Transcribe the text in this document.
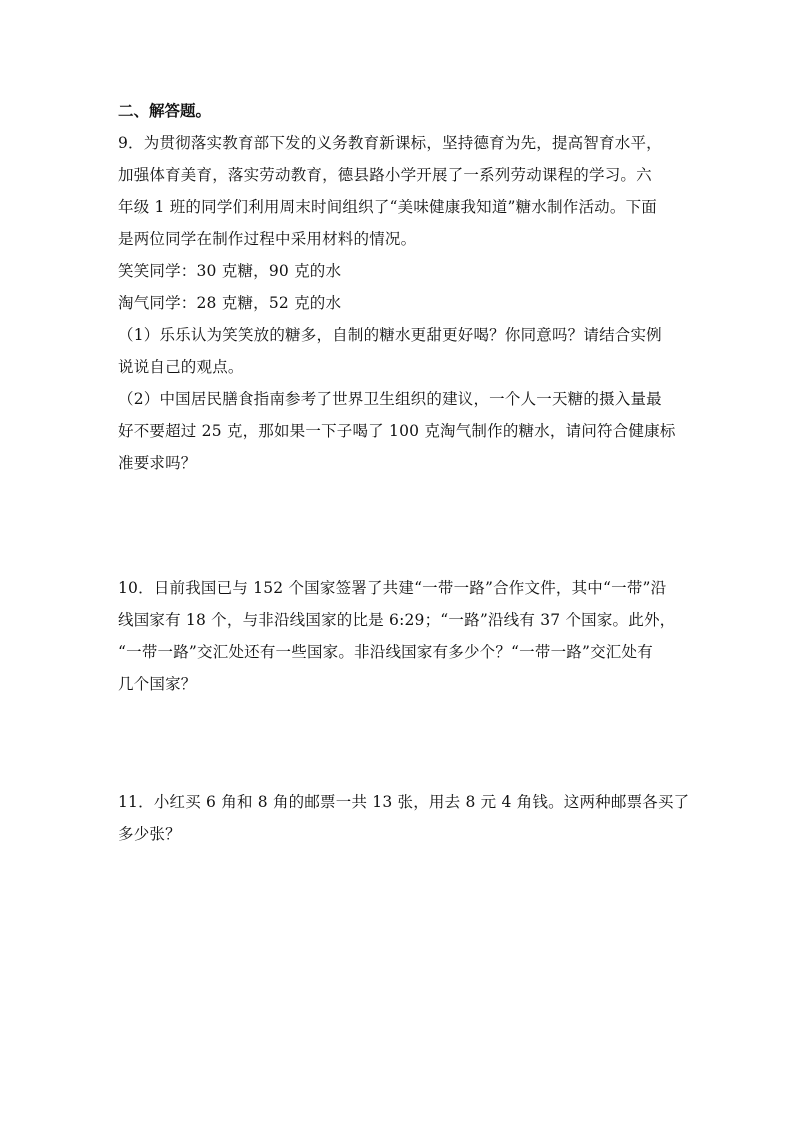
二、解答题。
9．为贯彻落实教育部下发的义务教育新课标，坚持德育为先，提高智育水平，
加强体育美育，落实劳动教育，德县路小学开展了一系列劳动课程的学习。六
年级 1 班的同学们利用周末时间组织了“美味健康我知道”糖水制作活动。下面
是两位同学在制作过程中采用材料的情况。
笑笑同学：30 克糖，90 克的水
淘气同学：28 克糖，52 克的水
（1）乐乐认为笑笑放的糖多，自制的糖水更甜更好喝？你同意吗？请结合实例
说说自己的观点。
（2）中国居民膳食指南参考了世界卫生组织的建议，一个人一天糖的摄入量最
好不要超过 25 克，那如果一下子喝了 100 克淘气制作的糖水，请问符合健康标
准要求吗？
10．日前我国已与 152 个国家签署了共建“一带一路”合作文件，其中“一带”沿
线国家有 18 个，与非沿线国家的比是 6:29；“一路”沿线有 37 个国家。此外，
“一带一路”交汇处还有一些国家。非沿线国家有多少个？“一带一路”交汇处有
几个国家？
11．小红买 6 角和 8 角的邮票一共 13 张，用去 8 元 4 角钱。这两种邮票各买了
多少张？
